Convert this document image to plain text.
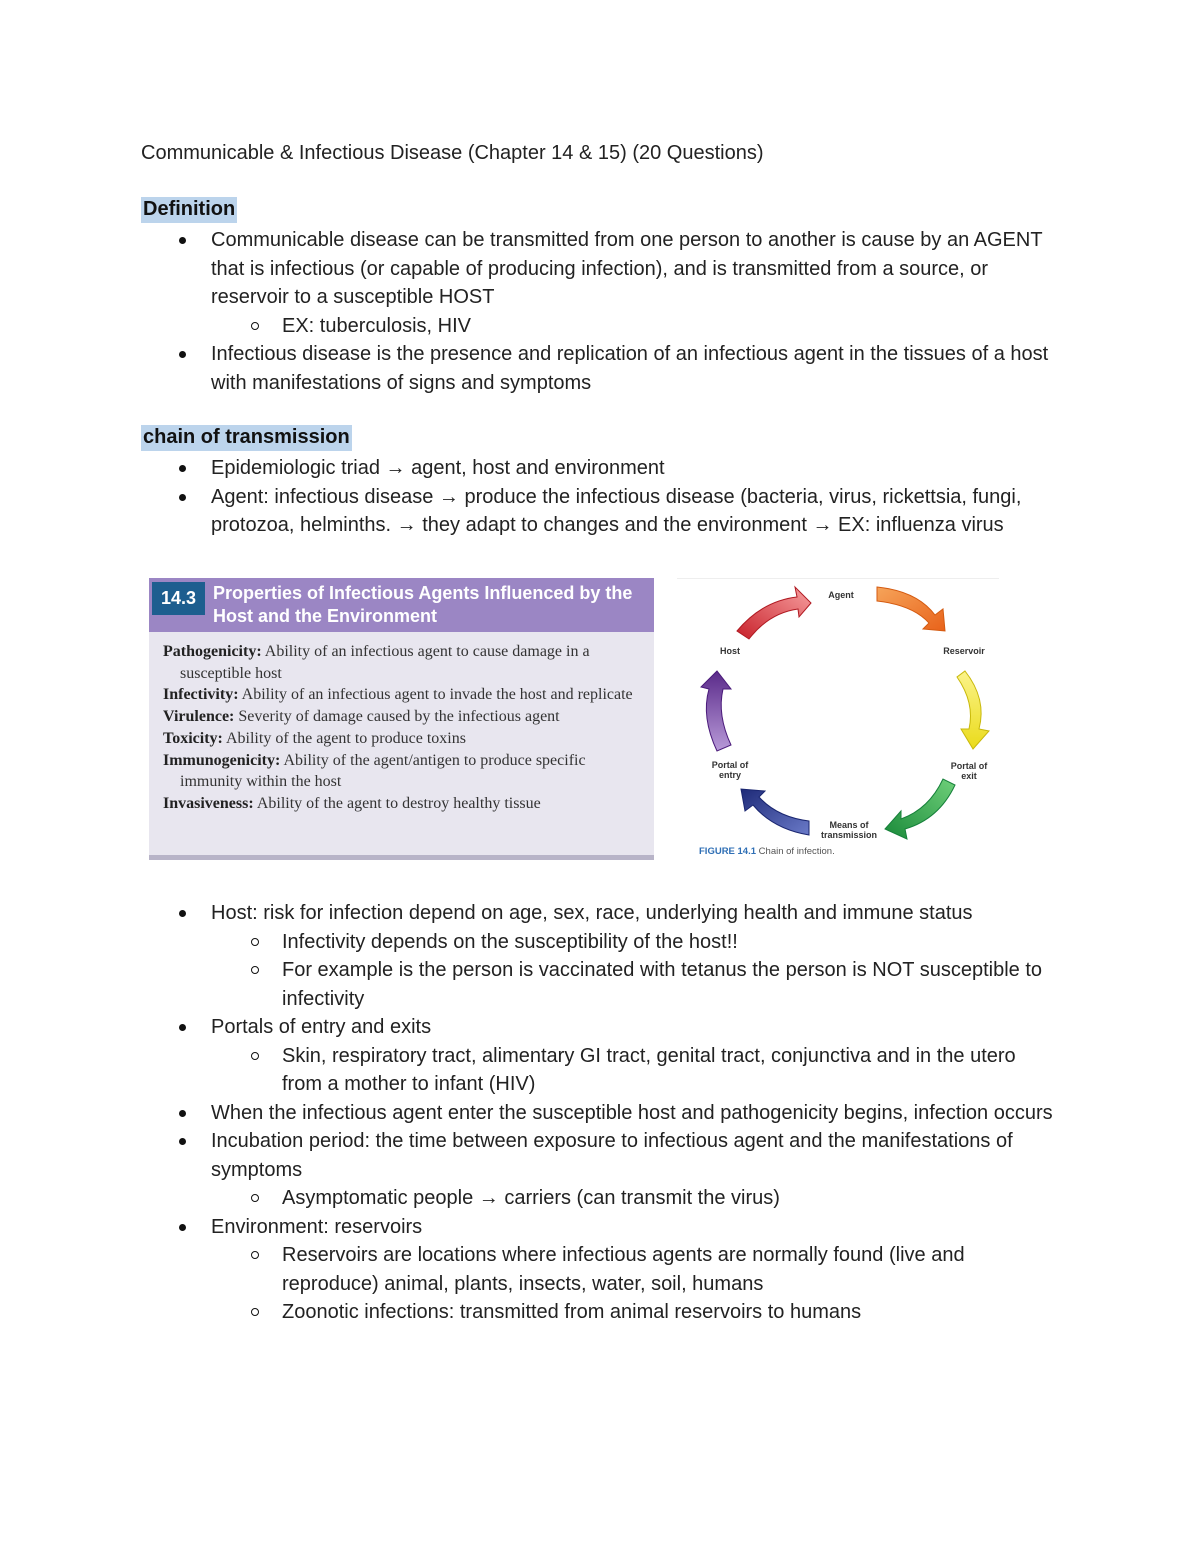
Communicable & Infectious Disease (Chapter 14 & 15) (20 Questions)
Definition
Communicable disease can be transmitted from one person to another is cause by an AGENT that is infectious (or capable of producing infection), and is transmitted from a source, or reservoir to a susceptible HOST
EX: tuberculosis, HIV
Infectious disease is the presence and replication of an infectious agent in the tissues of a host with manifestations of signs and symptoms
chain of transmission
Epidemiologic triad → agent, host and environment
Agent: infectious disease → produce the infectious disease (bacteria, virus, rickettsia, fungi, protozoa, helminths. → they adapt to changes and the environment → EX: influenza virus
14.3 Properties of Infectious Agents Influenced by the Host and the Environment
Pathogenicity: Ability of an infectious agent to cause damage in a susceptible host
Infectivity: Ability of an infectious agent to invade the host and replicate
Virulence: Severity of damage caused by the infectious agent
Toxicity: Ability of the agent to produce toxins
Immunogenicity: Ability of the agent/antigen to produce specific immunity within the host
Invasiveness: Ability of the agent to destroy healthy tissue
Agent
Reservoir
Portal of
exit
Means of
transmission
Portal of
entry
Host
FIGURE 14.1 Chain of infection.
Host: risk for infection depend on age, sex, race, underlying health and immune status
Infectivity depends on the susceptibility of the host!!
For example is the person is vaccinated with tetanus the person is NOT susceptible to infectivity
Portals of entry and exits
Skin, respiratory tract, alimentary GI tract, genital tract, conjunctiva and in the utero from a mother to infant (HIV)
When the infectious agent enter the susceptible host and pathogenicity begins, infection occurs
Incubation period: the time between exposure to infectious agent and the manifestations of symptoms
Asymptomatic people → carriers (can transmit the virus)
Environment: reservoirs
Reservoirs are locations where infectious agents are normally found (live and reproduce) animal, plants, insects, water, soil, humans
Zoonotic infections: transmitted from animal reservoirs to humans
